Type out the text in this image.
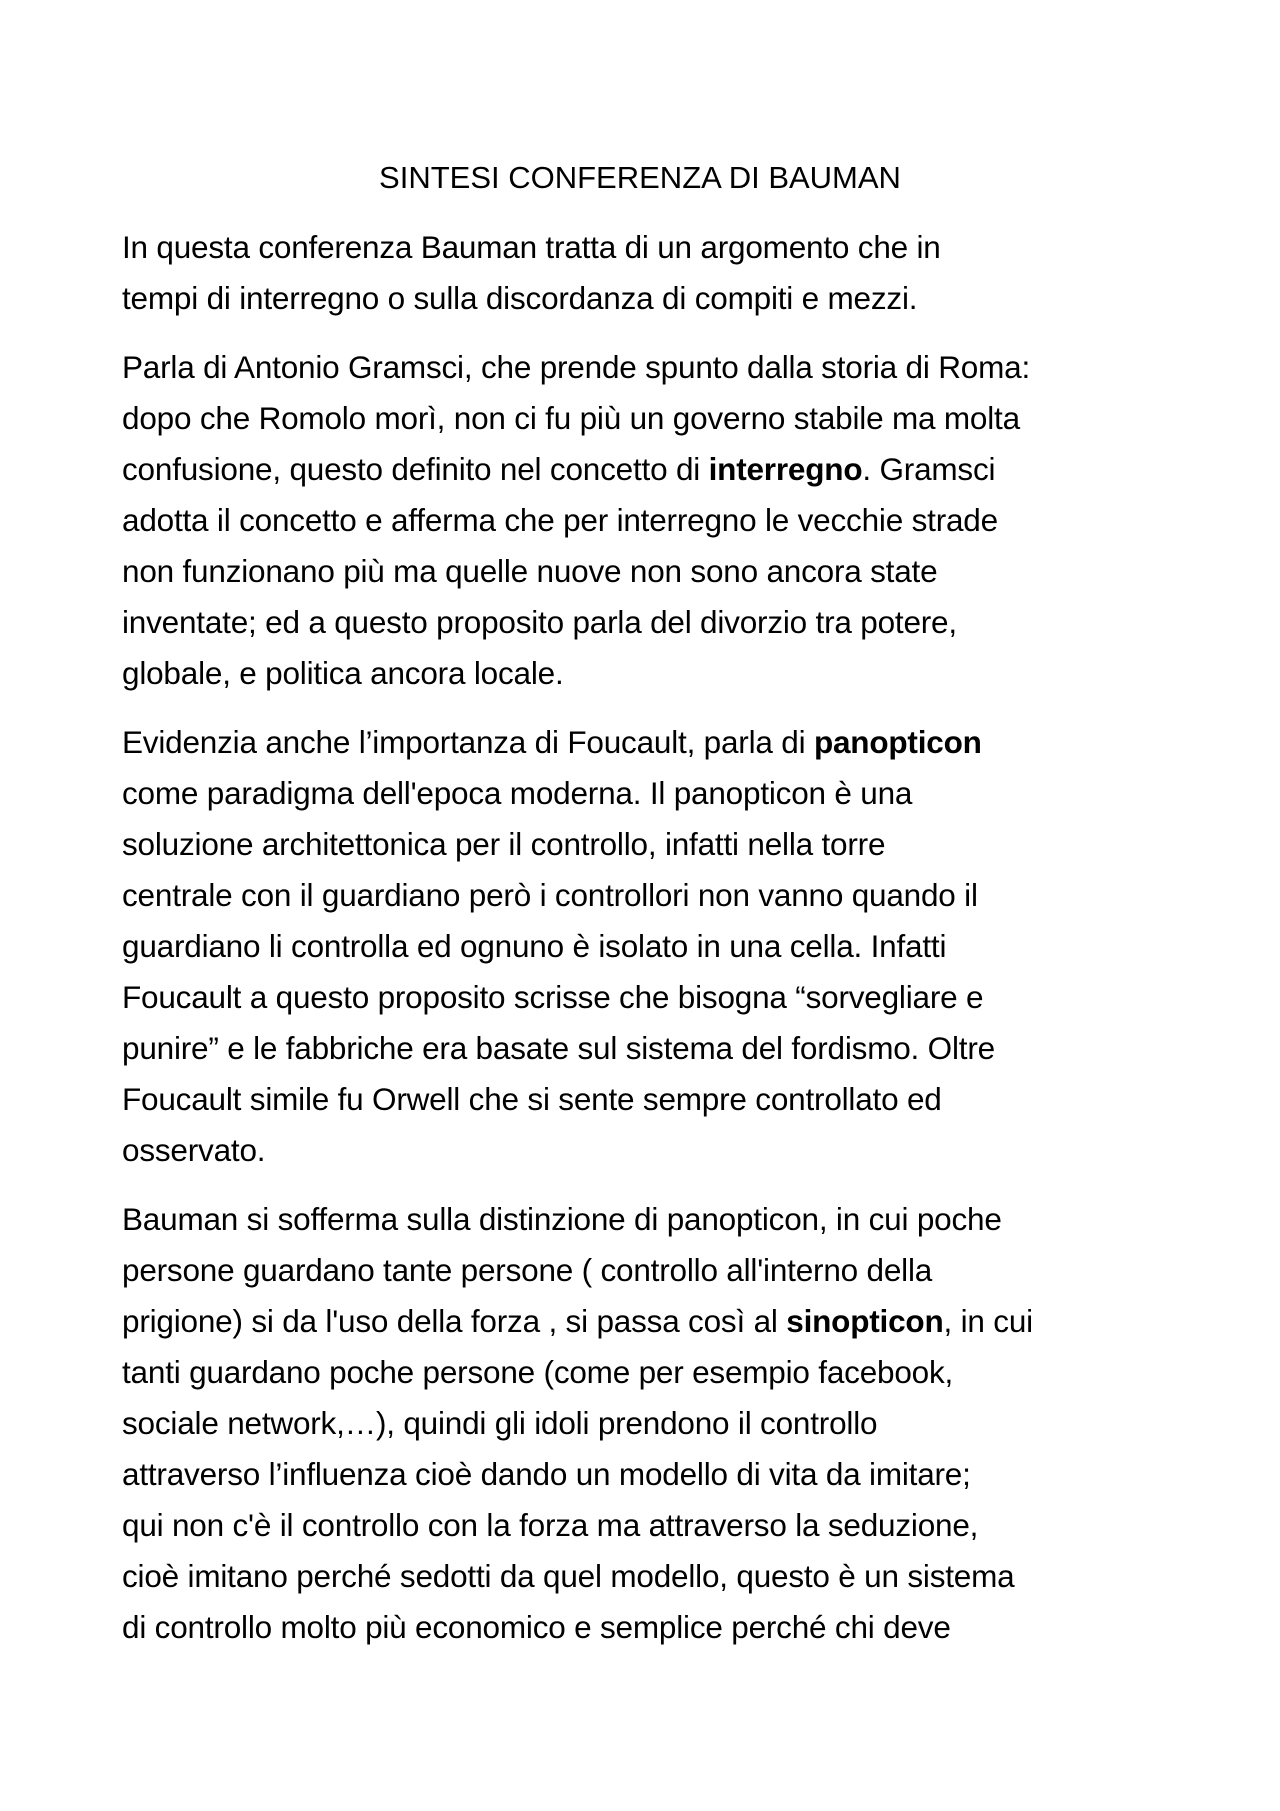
SINTESI CONFERENZA DI BAUMAN

In questa conferenza Bauman tratta di un argomento che in
tempi di interregno o sulla discordanza di compiti e mezzi.

Parla di Antonio Gramsci, che prende spunto dalla storia di Roma:
dopo che Romolo morì, non ci fu più un governo stabile ma molta
confusione, questo definito nel concetto di interregno. Gramsci
adotta il concetto e afferma che per interregno le vecchie strade
non funzionano più ma quelle nuove non sono ancora state
inventate; ed a questo proposito parla del divorzio tra potere,
globale, e politica ancora locale.

Evidenzia anche l’importanza di Foucault, parla di panopticon
come paradigma dell'epoca moderna. Il panopticon è una
soluzione architettonica per il controllo, infatti nella torre
centrale con il guardiano però i controllori non vanno quando il
guardiano li controlla ed ognuno è isolato in una cella. Infatti
Foucault a questo proposito scrisse che bisogna “sorvegliare e
punire” e le fabbriche era basate sul sistema del fordismo. Oltre
Foucault simile fu Orwell che si sente sempre controllato ed
osservato.

Bauman si sofferma sulla distinzione di panopticon, in cui poche
persone guardano tante persone ( controllo all'interno della
prigione) si da l'uso della forza , si passa così al sinopticon, in cui
tanti guardano poche persone (come per esempio facebook,
sociale network,…), quindi gli idoli prendono il controllo
attraverso l’influenza cioè dando un modello di vita da imitare;
qui non c'è il controllo con la forza ma attraverso la seduzione,
cioè imitano perché sedotti da quel modello, questo è un sistema
di controllo molto più economico e semplice perché chi deve
